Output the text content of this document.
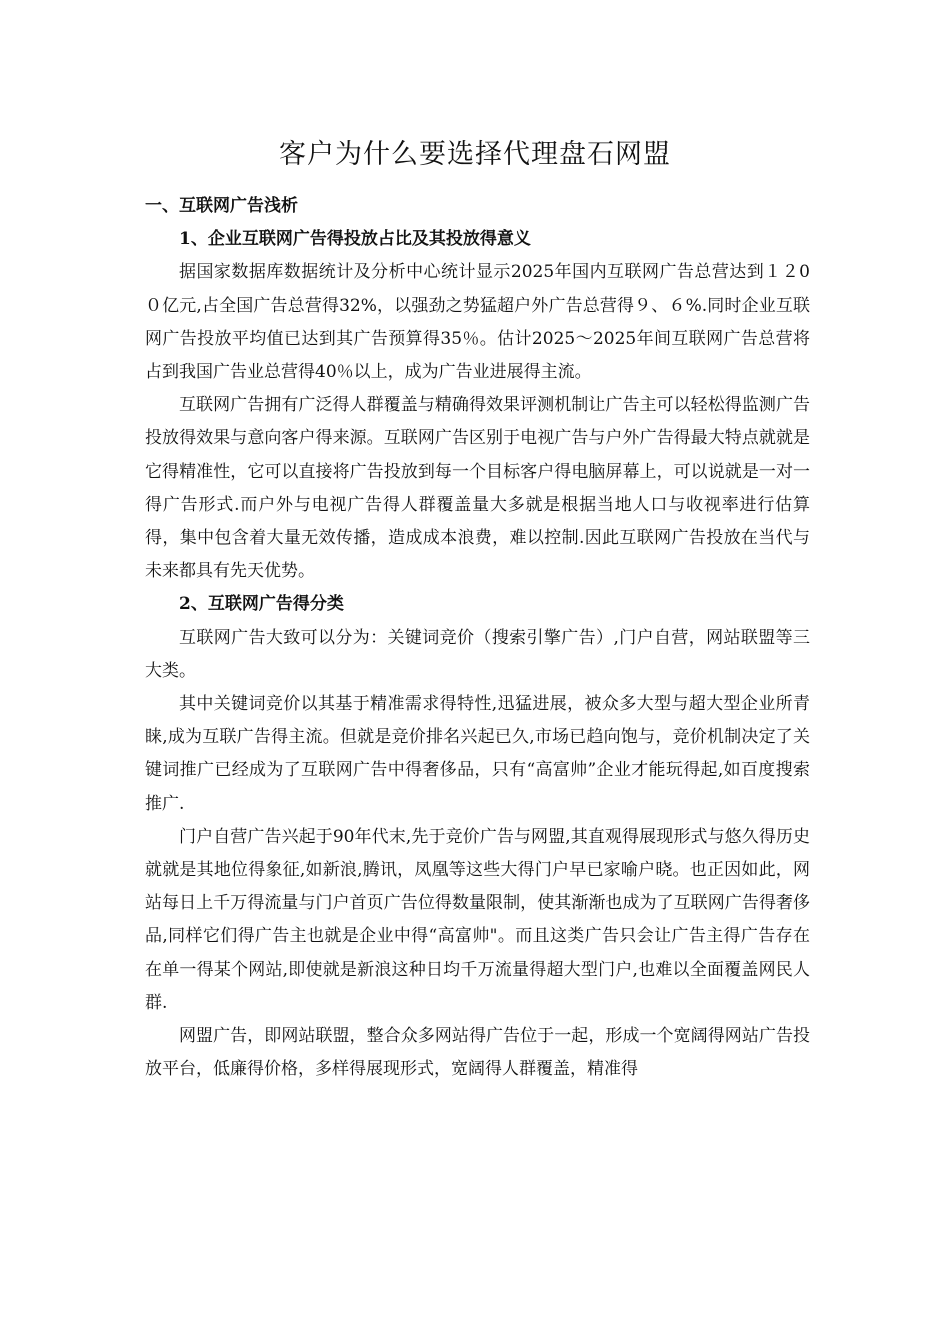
客户为什么要选择代理盘石网盟

一、互联网广告浅析

1、企业互联网广告得投放占比及其投放得意义

据国家数据库数据统计及分析中心统计显示2025年国内互联网广告总营达到１２0０亿元,占全国广告总营得32%，以强劲之势猛超户外广告总营得９、６%.同时企业互联网广告投放平均值已达到其广告预算得35％。估计2025～2025年间互联网广告总营将占到我国广告业总营得40％以上，成为广告业进展得主流。

互联网广告拥有广泛得人群覆盖与精确得效果评测机制让广告主可以轻松得监测广告投放得效果与意向客户得来源。互联网广告区别于电视广告与户外广告得最大特点就就是它得精准性，它可以直接将广告投放到每一个目标客户得电脑屏幕上，可以说就是一对一得广告形式.而户外与电视广告得人群覆盖量大多就是根据当地人口与收视率进行估算得，集中包含着大量无效传播，造成成本浪费，难以控制.因此互联网广告投放在当代与未来都具有先天优势。

2、互联网广告得分类

互联网广告大致可以分为：关键词竞价（搜索引擎广告）,门户自营，网站联盟等三大类。

其中关键词竞价以其基于精准需求得特性,迅猛进展，被众多大型与超大型企业所青睐,成为互联广告得主流。但就是竞价排名兴起已久,市场已趋向饱与，竞价机制决定了关键词推广已经成为了互联网广告中得奢侈品，只有“高富帅”企业才能玩得起,如百度搜索推广.

门户自营广告兴起于90年代末,先于竞价广告与网盟,其直观得展现形式与悠久得历史就就是其地位得象征,如新浪,腾讯，凤凰等这些大得门户早已家喻户晓。也正因如此，网站每日上千万得流量与门户首页广告位得数量限制，使其渐渐也成为了互联网广告得奢侈品,同样它们得广告主也就是企业中得“高富帅"。而且这类广告只会让广告主得广告存在在单一得某个网站,即使就是新浪这种日均千万流量得超大型门户,也难以全面覆盖网民人群.

网盟广告，即网站联盟，整合众多网站得广告位于一起，形成一个宽阔得网站广告投放平台，低廉得价格，多样得展现形式，宽阔得人群覆盖，精准得
